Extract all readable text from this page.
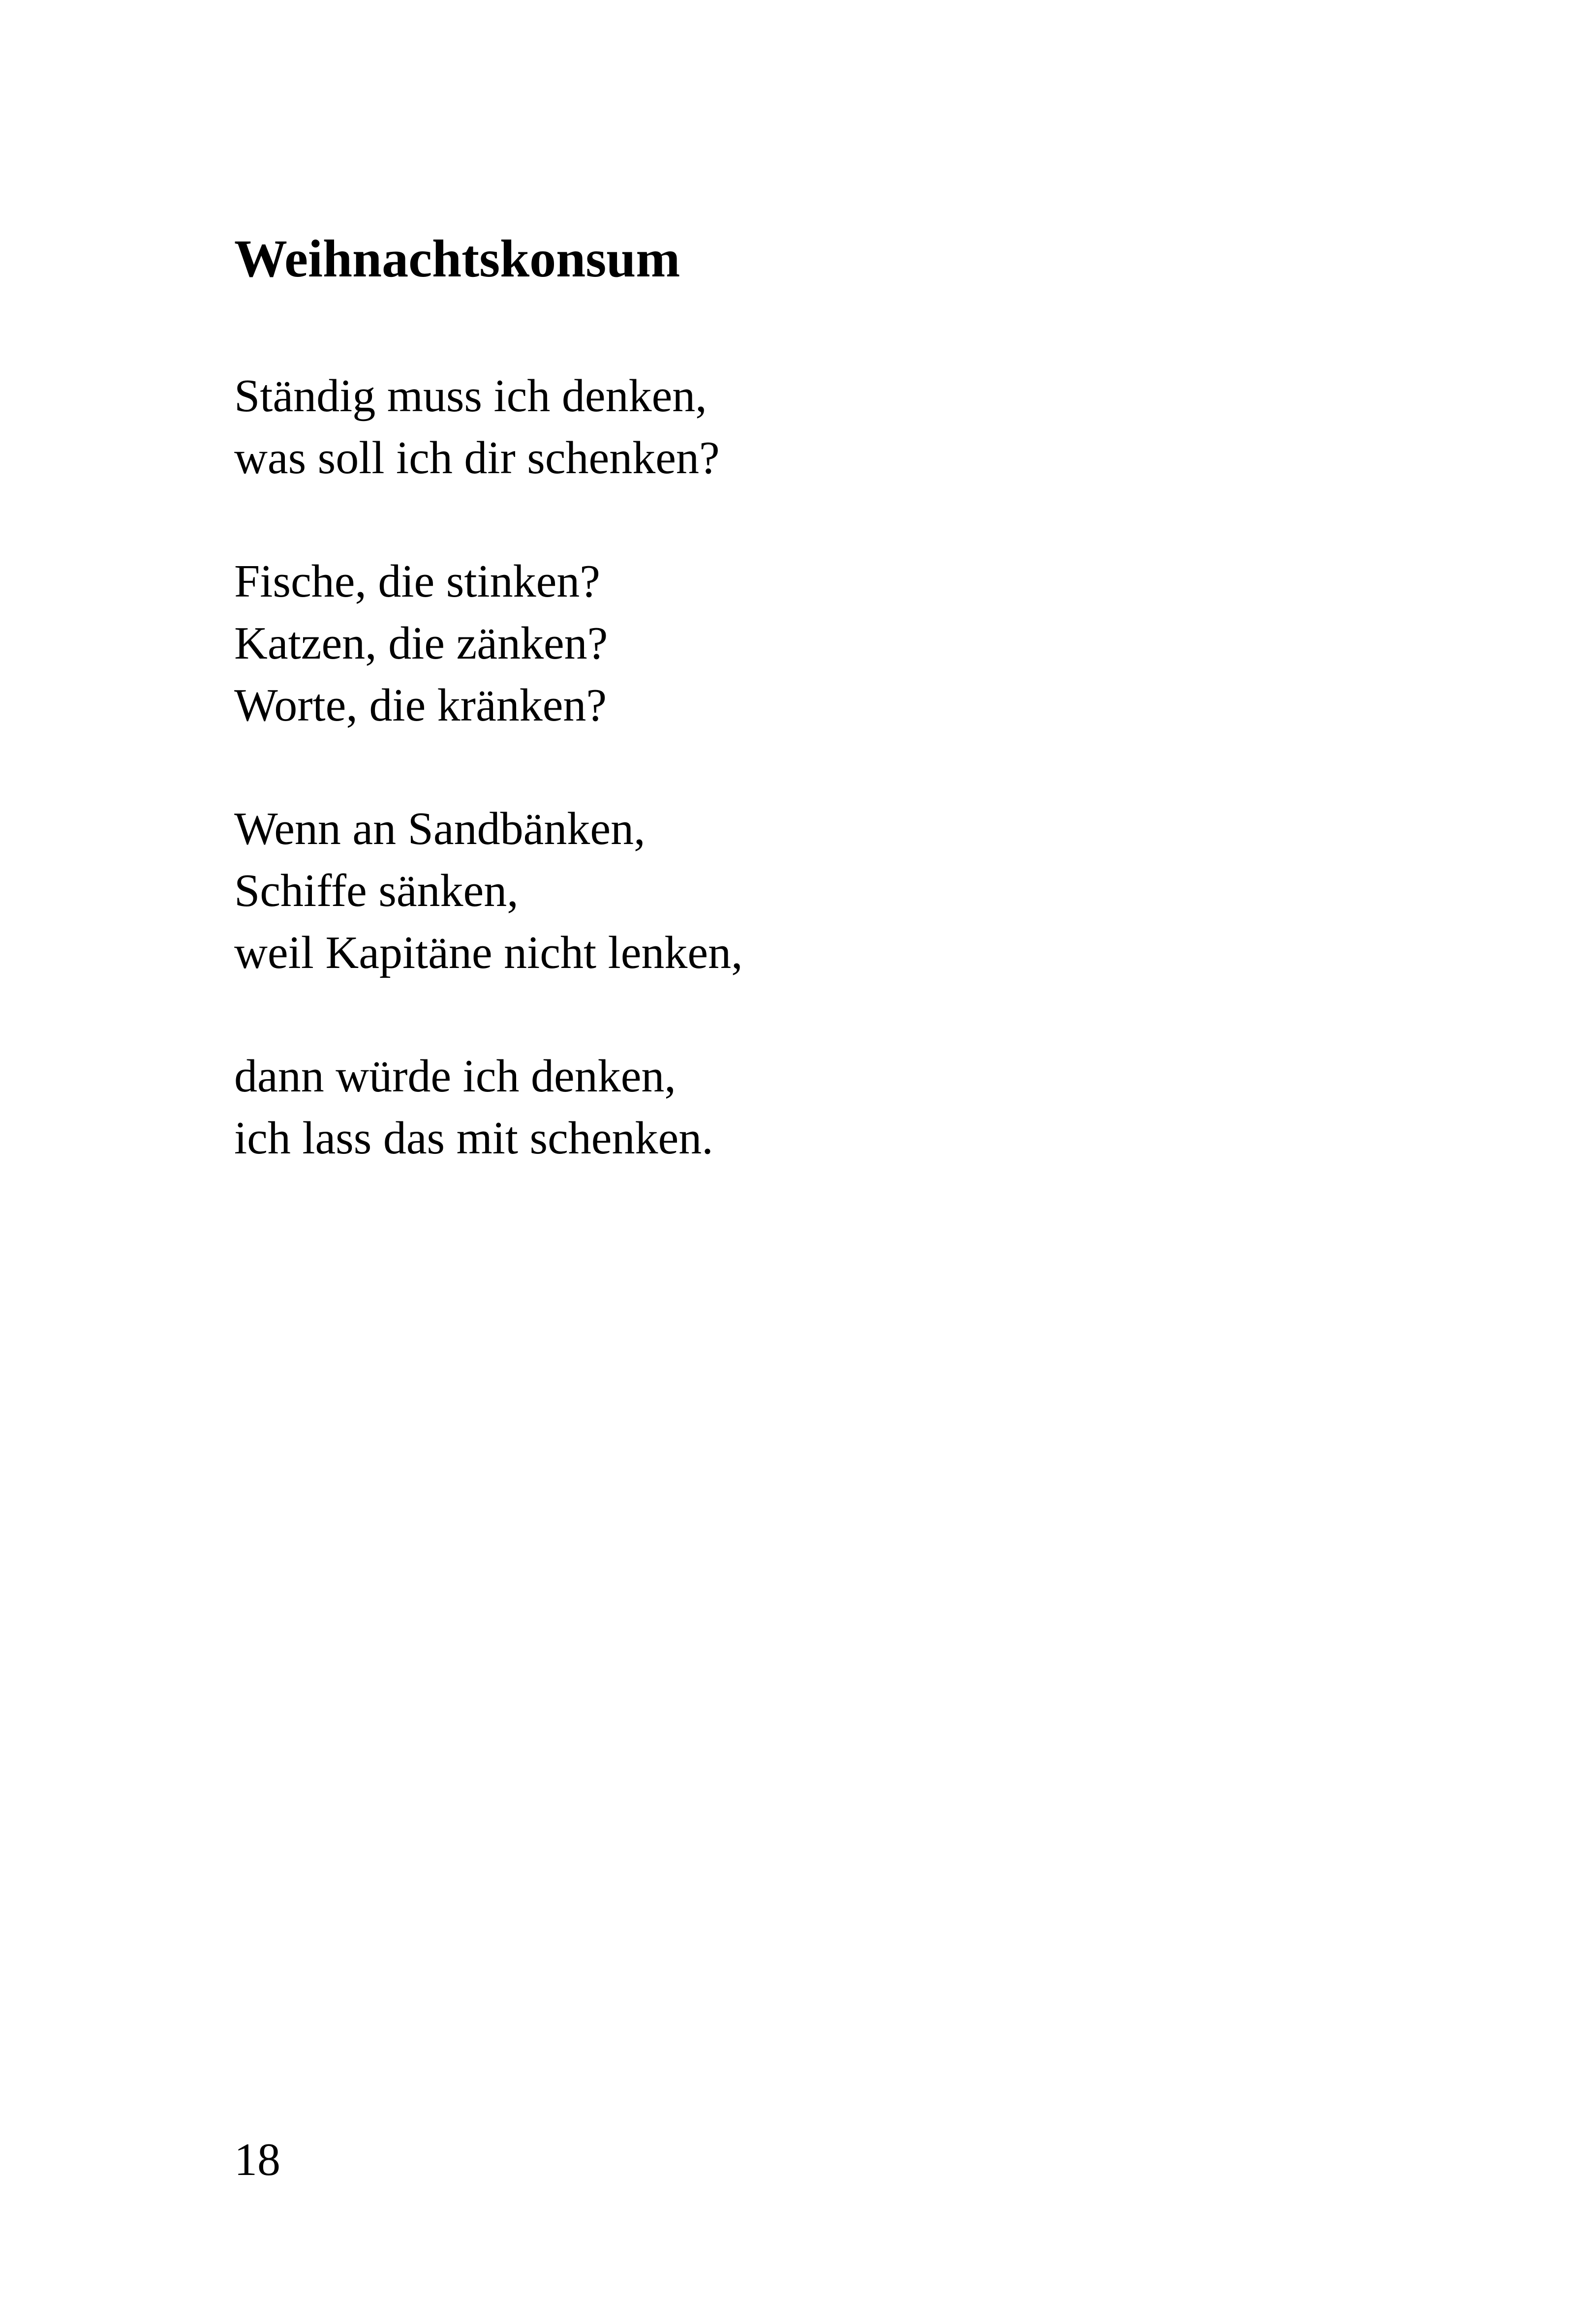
Weihnachtskonsum

Ständig muss ich denken,
was soll ich dir schenken?

Fische, die stinken?
Katzen, die zänken?
Worte, die kränken?

Wenn an Sandbänken,
Schiffe sänken,
weil Kapitäne nicht lenken,

dann würde ich denken,
ich lass das mit schenken.

18
